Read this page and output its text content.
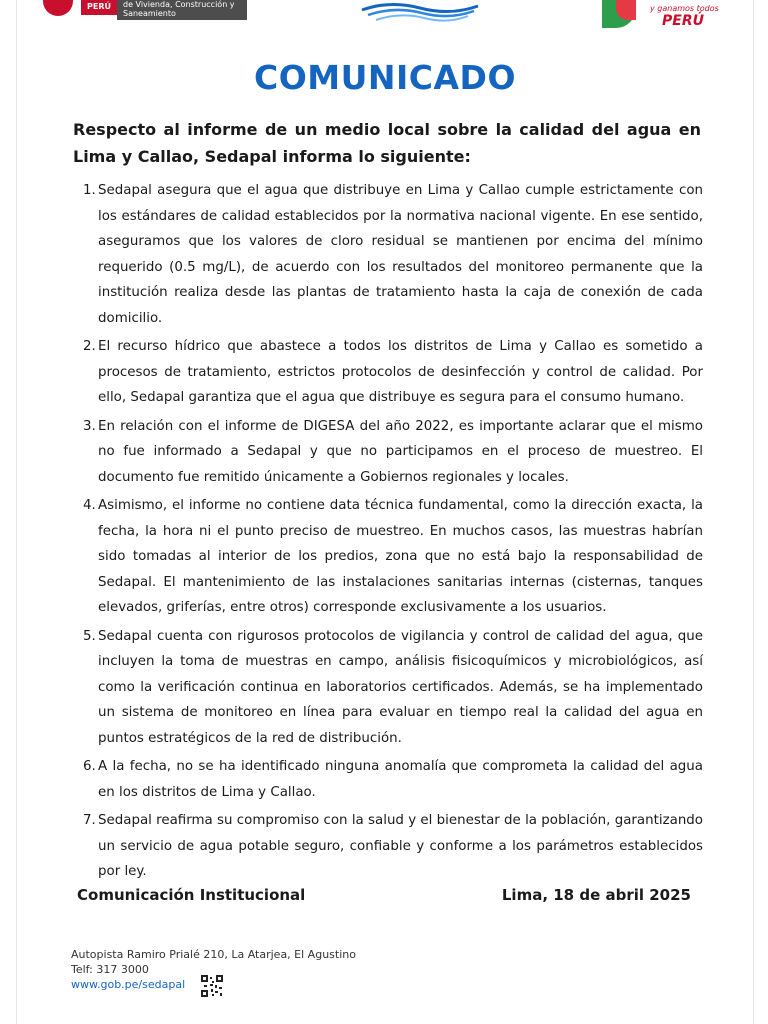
PERÚ	de Vivienda, Construcción y Saneamiento
y ganamos todos
PERÚ
COMUNICADO
Respecto al informe de un medio local sobre la calidad del agua en Lima y Callao, Sedapal informa lo siguiente:
1. Sedapal asegura que el agua que distribuye en Lima y Callao cumple estrictamente con los estándares de calidad establecidos por la normativa nacional vigente. En ese sentido, aseguramos que los valores de cloro residual se mantienen por encima del mínimo requerido (0.5 mg/L), de acuerdo con los resultados del monitoreo permanente que la institución realiza desde las plantas de tratamiento hasta la caja de conexión de cada domicilio.
2. El recurso hídrico que abastece a todos los distritos de Lima y Callao es sometido a procesos de tratamiento, estrictos protocolos de desinfección y control de calidad. Por ello, Sedapal garantiza que el agua que distribuye es segura para el consumo humano.
3. En relación con el informe de DIGESA del año 2022, es importante aclarar que el mismo no fue informado a Sedapal y que no participamos en el proceso de muestreo. El documento fue remitido únicamente a Gobiernos regionales y locales.
4. Asimismo, el informe no contiene data técnica fundamental, como la dirección exacta, la fecha, la hora ni el punto preciso de muestreo. En muchos casos, las muestras habrían sido tomadas al interior de los predios, zona que no está bajo la responsabilidad de Sedapal. El mantenimiento de las instalaciones sanitarias internas (cisternas, tanques elevados, griferías, entre otros) corresponde exclusivamente a los usuarios.
5. Sedapal cuenta con rigurosos protocolos de vigilancia y control de calidad del agua, que incluyen la toma de muestras en campo, análisis fisicoquímicos y microbiológicos, así como la verificación continua en laboratorios certificados. Además, se ha implementado un sistema de monitoreo en línea para evaluar en tiempo real la calidad del agua en puntos estratégicos de la red de distribución.
6. A la fecha, no se ha identificado ninguna anomalía que comprometa la calidad del agua en los distritos de Lima y Callao.
7. Sedapal reafirma su compromiso con la salud y el bienestar de la población, garantizando un servicio de agua potable seguro, confiable y conforme a los parámetros establecidos por ley.
Comunicación Institucional	Lima, 18 de abril 2025
Autopista Ramiro Prialé 210, La Atarjea, El Agustino
Telf: 317 3000
www.gob.pe/sedapal
